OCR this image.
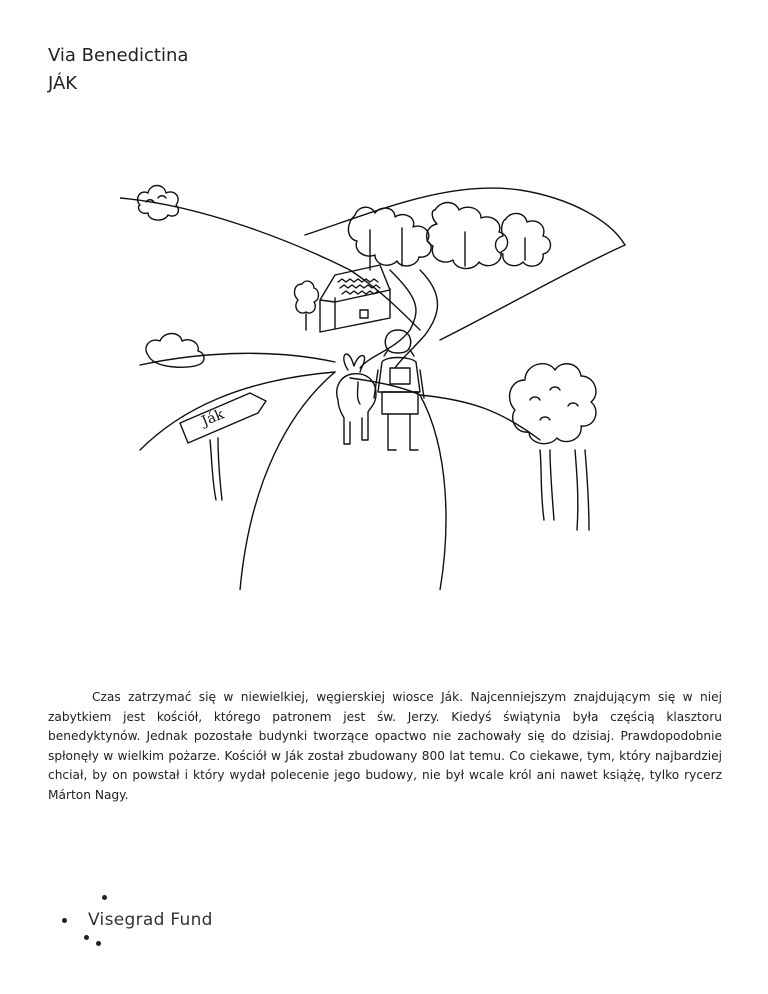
Via Benedictina
JÁK
Ják

Czas zatrzymać się w niewielkiej, węgierskiej wiosce Ják. Najcenniejszym znajdującym się w niej zabytkiem jest kościół, którego patronem jest św. Jerzy. Kiedyś świątynia była częścią klasztoru benedyktynów. Jednak pozostałe budynki tworzące opactwo nie zachowały się do dzisiaj. Prawdopodobnie spłonęły w wielkim pożarze. Kościół w Ják został zbudowany 800 lat temu. Co ciekawe, tym, który najbardziej chciał, by on powstał i który wydał polecenie jego budowy, nie był wcale król ani nawet książę, tylko rycerz Márton Nagy.

Visegrad Fund
